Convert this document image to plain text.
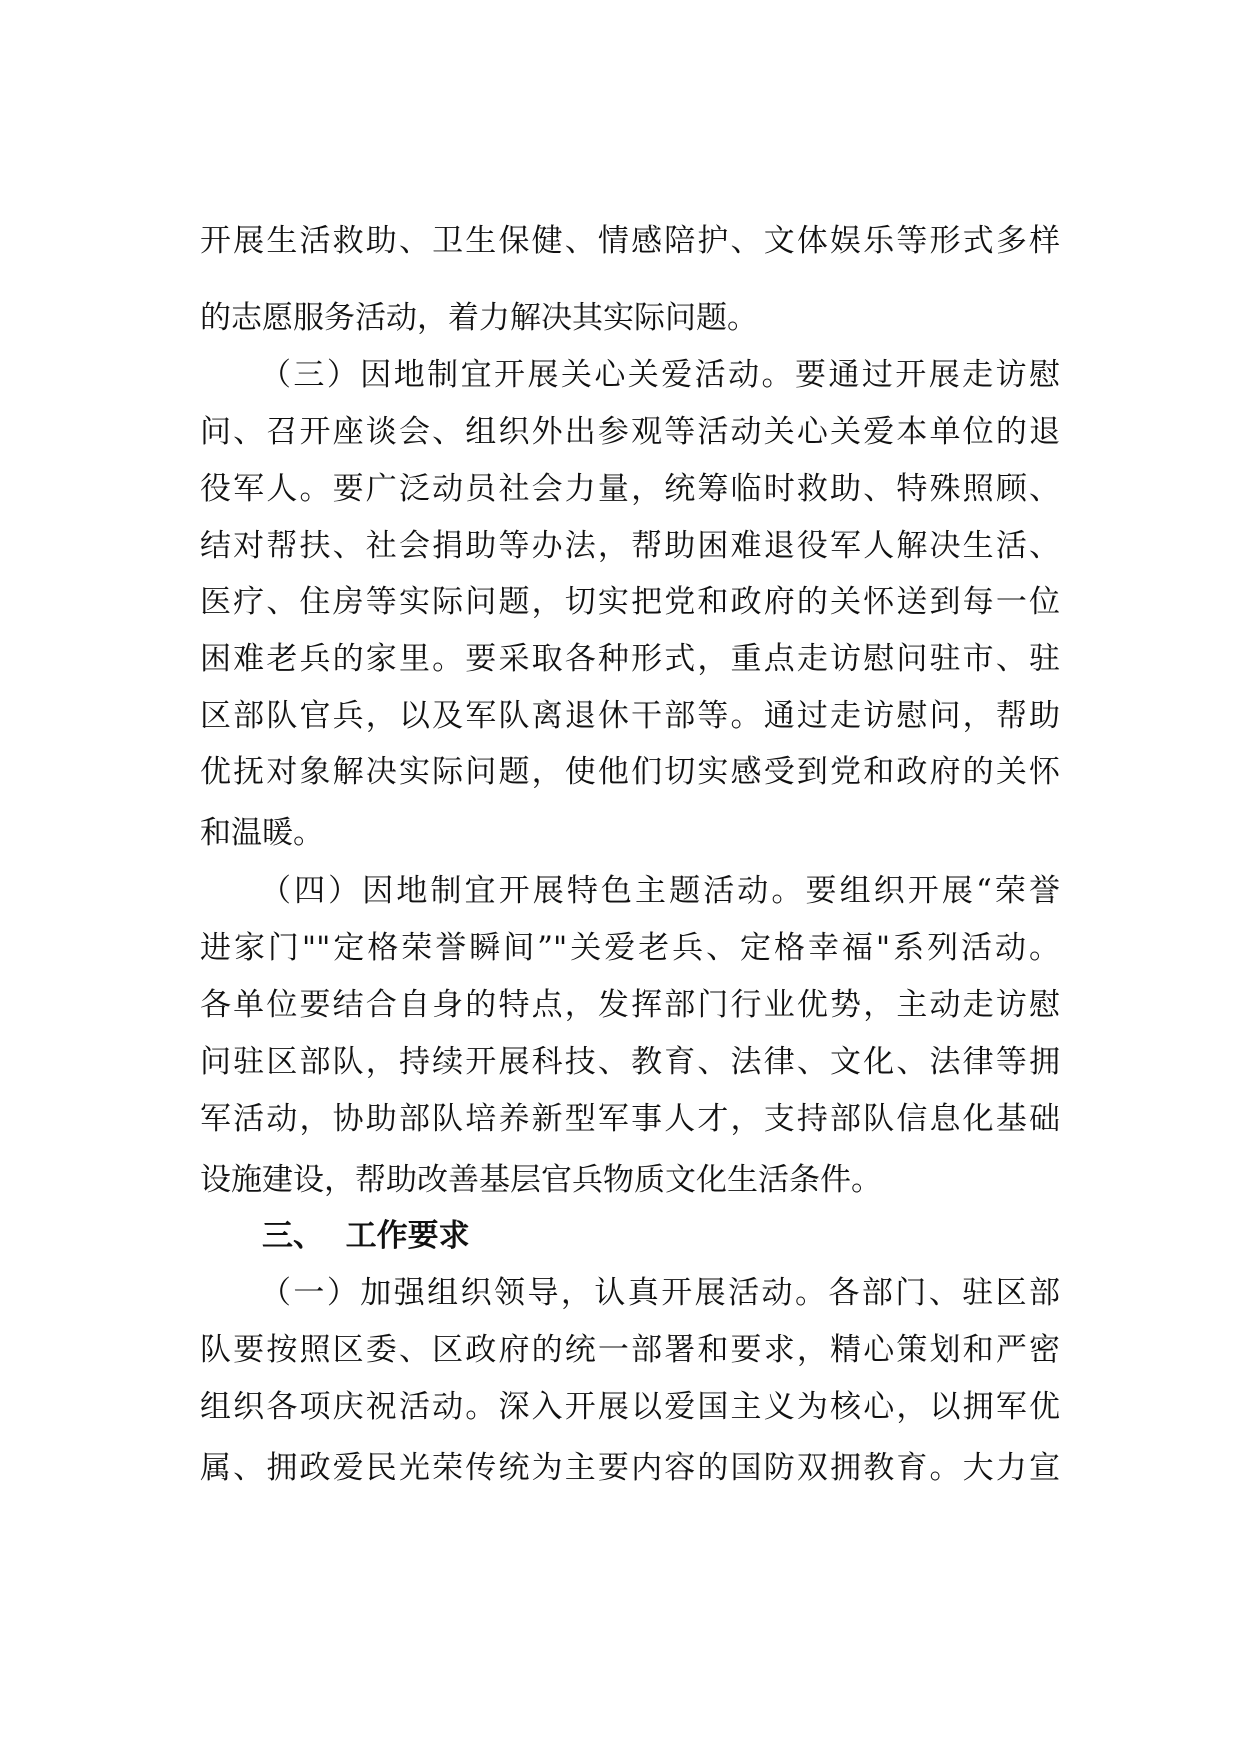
开展生活救助、卫生保健、情感陪护、文体娱乐等形式多样
的志愿服务活动，着力解决其实际问题。
（三）因地制宜开展关心关爱活动。要通过开展走访慰
问、召开座谈会、组织外出参观等活动关心关爱本单位的退
役军人。要广泛动员社会力量，统筹临时救助、特殊照顾、
结对帮扶、社会捐助等办法，帮助困难退役军人解决生活、
医疗、住房等实际问题，切实把党和政府的关怀送到每一位
困难老兵的家里。要采取各种形式，重点走访慰问驻市、驻
区部队官兵，以及军队离退休干部等。通过走访慰问，帮助
优抚对象解决实际问题，使他们切实感受到党和政府的关怀
和温暖。
（四）因地制宜开展特色主题活动。要组织开展“荣誉
进家门""定格荣誉瞬间”"关爱老兵、定格幸福"系列活动。
各单位要结合自身的特点，发挥部门行业优势，主动走访慰
问驻区部队，持续开展科技、教育、法律、文化、法律等拥
军活动，协助部队培养新型军事人才，支持部队信息化基础
设施建设，帮助改善基层官兵物质文化生活条件。
三、  工作要求
（一）加强组织领导，认真开展活动。各部门、驻区部
队要按照区委、区政府的统一部署和要求，精心策划和严密
组织各项庆祝活动。深入开展以爱国主义为核心，以拥军优
属、拥政爱民光荣传统为主要内容的国防双拥教育。大力宣
